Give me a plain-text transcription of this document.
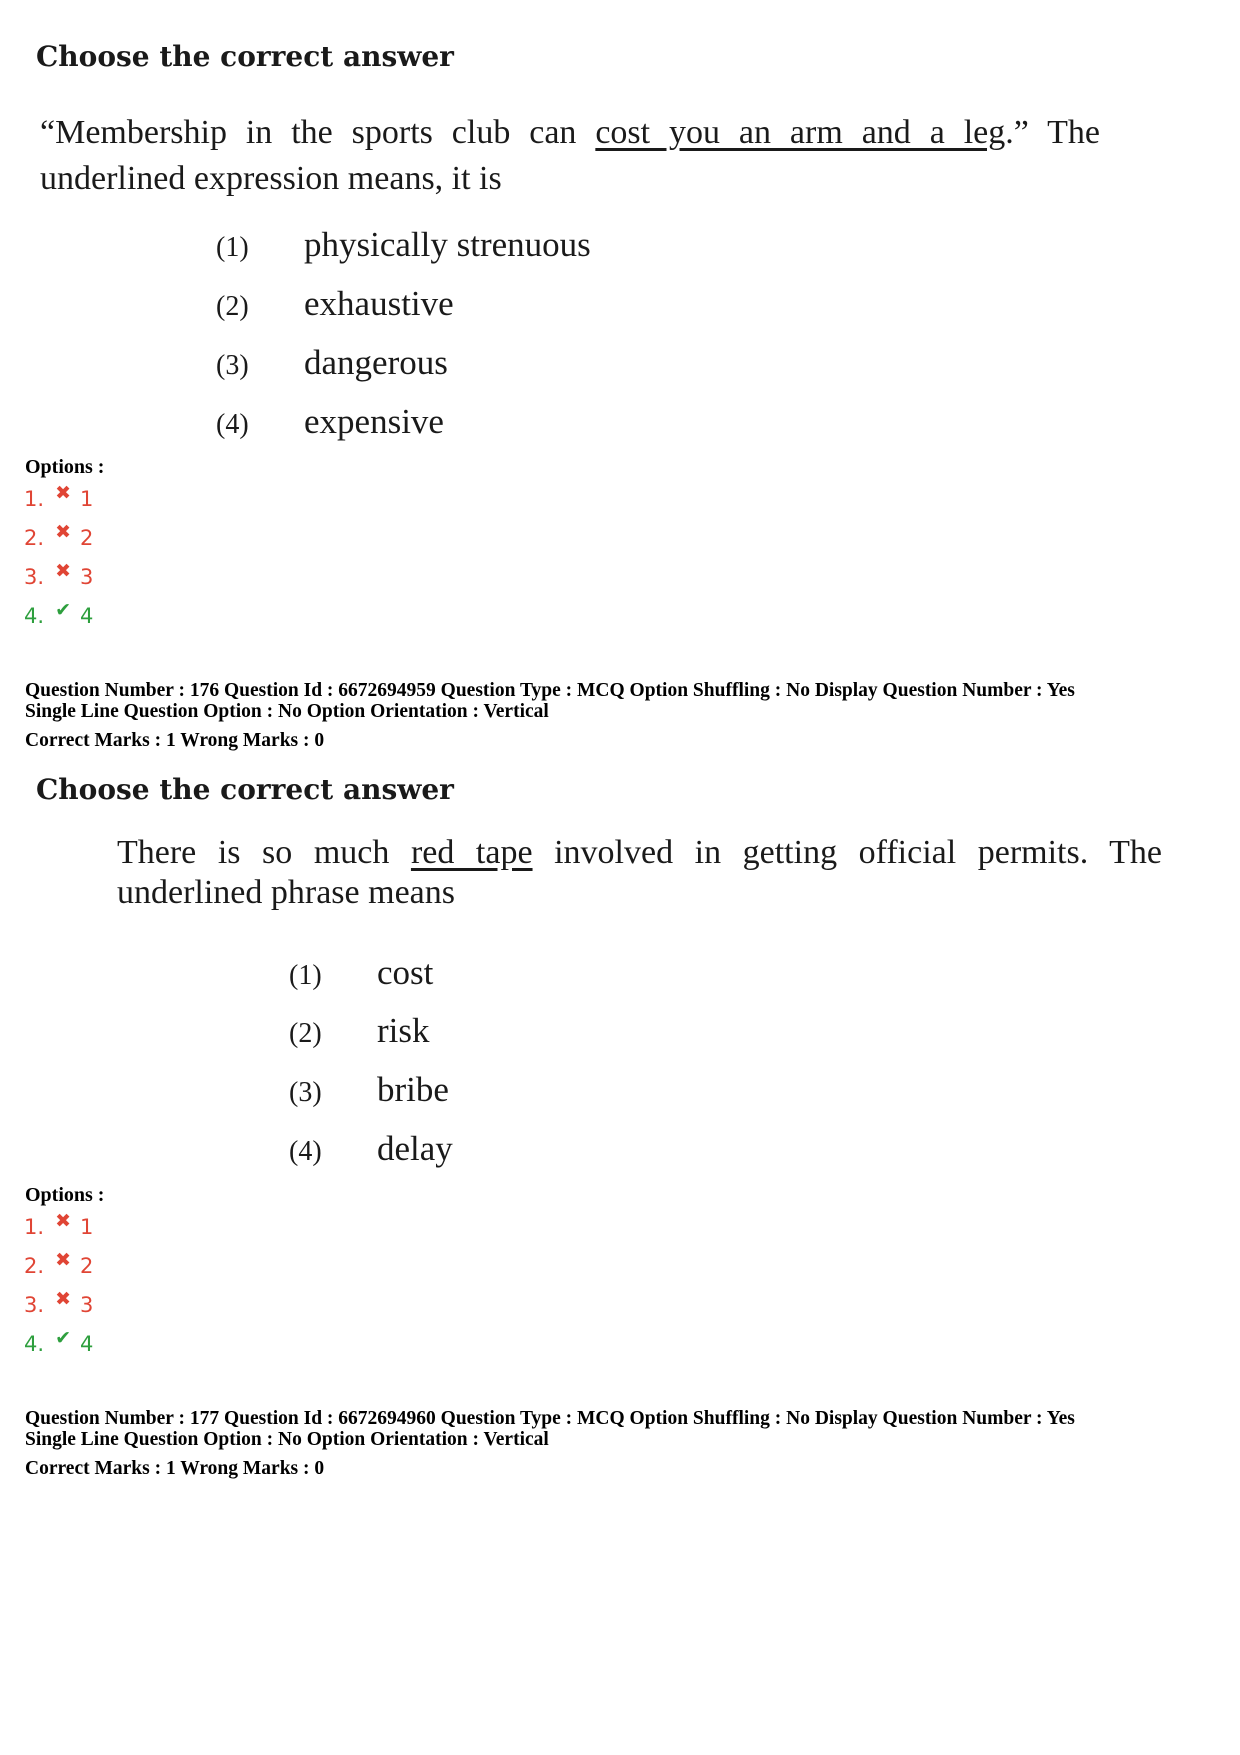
Choose the correct answer
“Membership in the sports club can cost you an arm and a leg.” The underlined expression means, it is
(1) physically strenuous
(2) exhaustive
(3) dangerous
(4) expensive
Options :
1. ✖ 1
2. ✖ 2
3. ✖ 3
4. ✔ 4
Question Number : 176 Question Id : 6672694959 Question Type : MCQ Option Shuffling : No Display Question Number : Yes
Single Line Question Option : No Option Orientation : Vertical
Correct Marks : 1 Wrong Marks : 0
Choose the correct answer
There is so much red tape involved in getting official permits. The underlined phrase means
(1) cost
(2) risk
(3) bribe
(4) delay
Options :
1. ✖ 1
2. ✖ 2
3. ✖ 3
4. ✔ 4
Question Number : 177 Question Id : 6672694960 Question Type : MCQ Option Shuffling : No Display Question Number : Yes
Single Line Question Option : No Option Orientation : Vertical
Correct Marks : 1 Wrong Marks : 0
